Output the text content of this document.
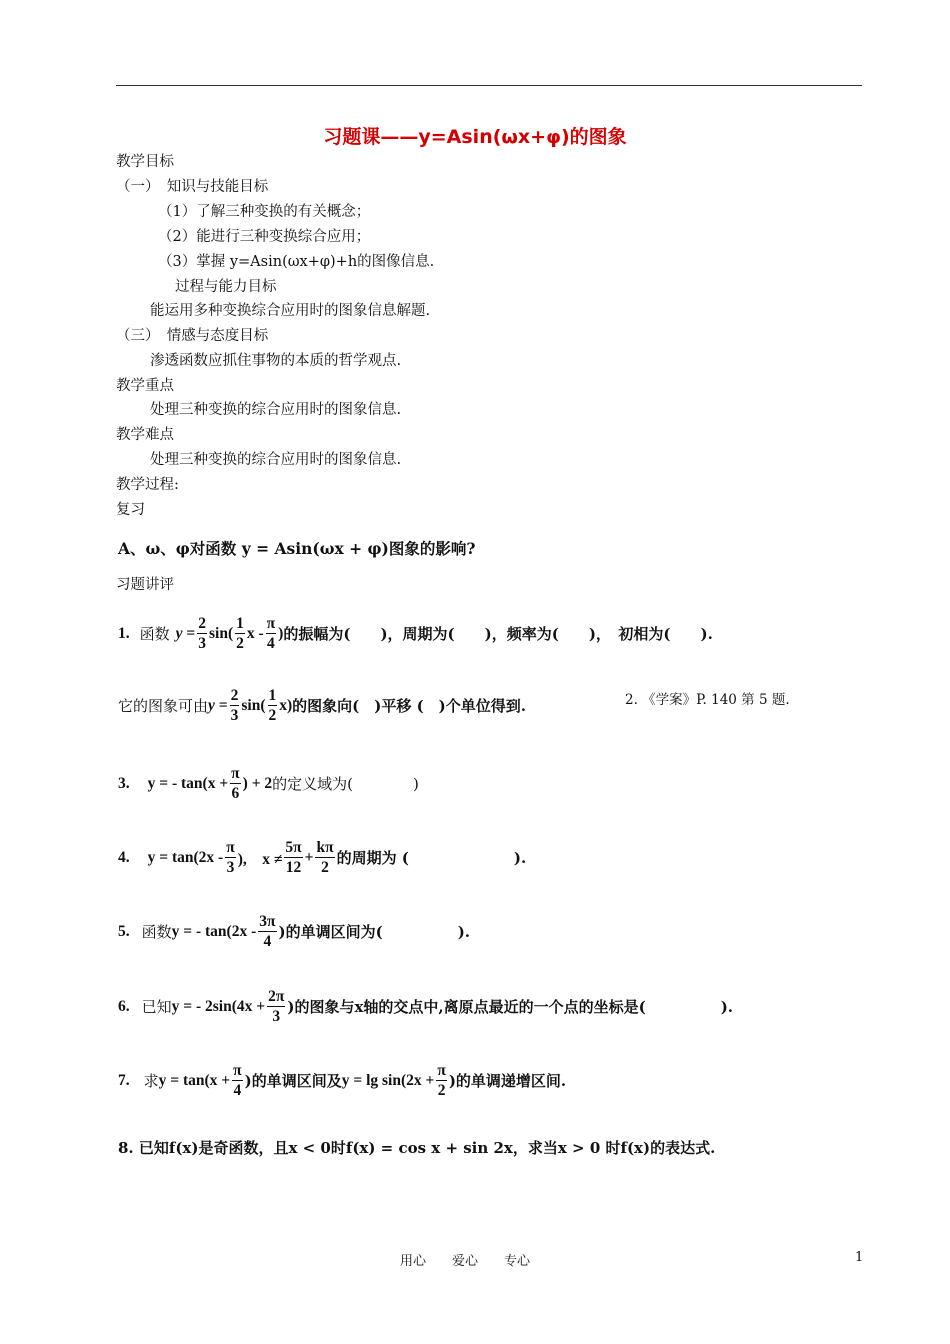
习题课——y=Asin(ωx+φ)的图象
教学目标
（一）　知识与技能目标
（1）了解三种变换的有关概念；
（2）能进行三种变换综合应用；
（3）掌握 y=Asin(ωx+φ)+h的图像信息.
过程与能力目标
能运用多种变换综合应用时的图象信息解题.
（三）　情感与态度目标
渗透函数应抓住事物的本质的哲学观点.
教学重点
处理三种变换的综合应用时的图象信息.
教学难点
处理三种变换的综合应用时的图象信息.
教学过程:
复习
A、ω、φ对函数 y = Asin(ωx + φ)图象的影响?
习题讲评
1. 函数 $y = \frac{2}{3} \sin( \frac{1}{2}$ x - $\frac{\pi}{4}$ ) 的振幅为(　　)，周期为(　　)，频率为(　　)，　初相为(　　).
它的图象可由 $y = \frac{2}{3} \sin( \frac{1}{2} x)$ 的图象向(　)平移 (　)个单位得到.	2. 《学案》P. 140 第 5 题.
3. y = - $\tan(x + \frac{\pi}{6}$ ) + 2 的定义域为(　　　　)
4. $y = \tan(2x - \frac{\pi}{3}$ ),　$x \ne \frac{5\pi}{12} + \frac{k\pi}{2}$ 的周期为 (　　　　　　　).
5. 函数 y = - $\tan(2x - \frac{3\pi}{4}$ )的单调区间为(　　　　　).
6. 已知 y = - $2\sin(4x + \frac{2\pi}{3}$ )的图象与x轴的交点中,离原点最近的一个点的坐标是(　　　　　).
7. 求 $y = \tan(x + \frac{\pi}{4}$ )的单调区间及 $y = \lg \sin(2x + \frac{\pi}{2}$ )的单调递增区间.
8. 已知f(x)是奇函数，且x < 0时f(x) = cos x + sin 2x，求当x > 0 时f(x)的表达式.
用心　　爱心　　专心	1
